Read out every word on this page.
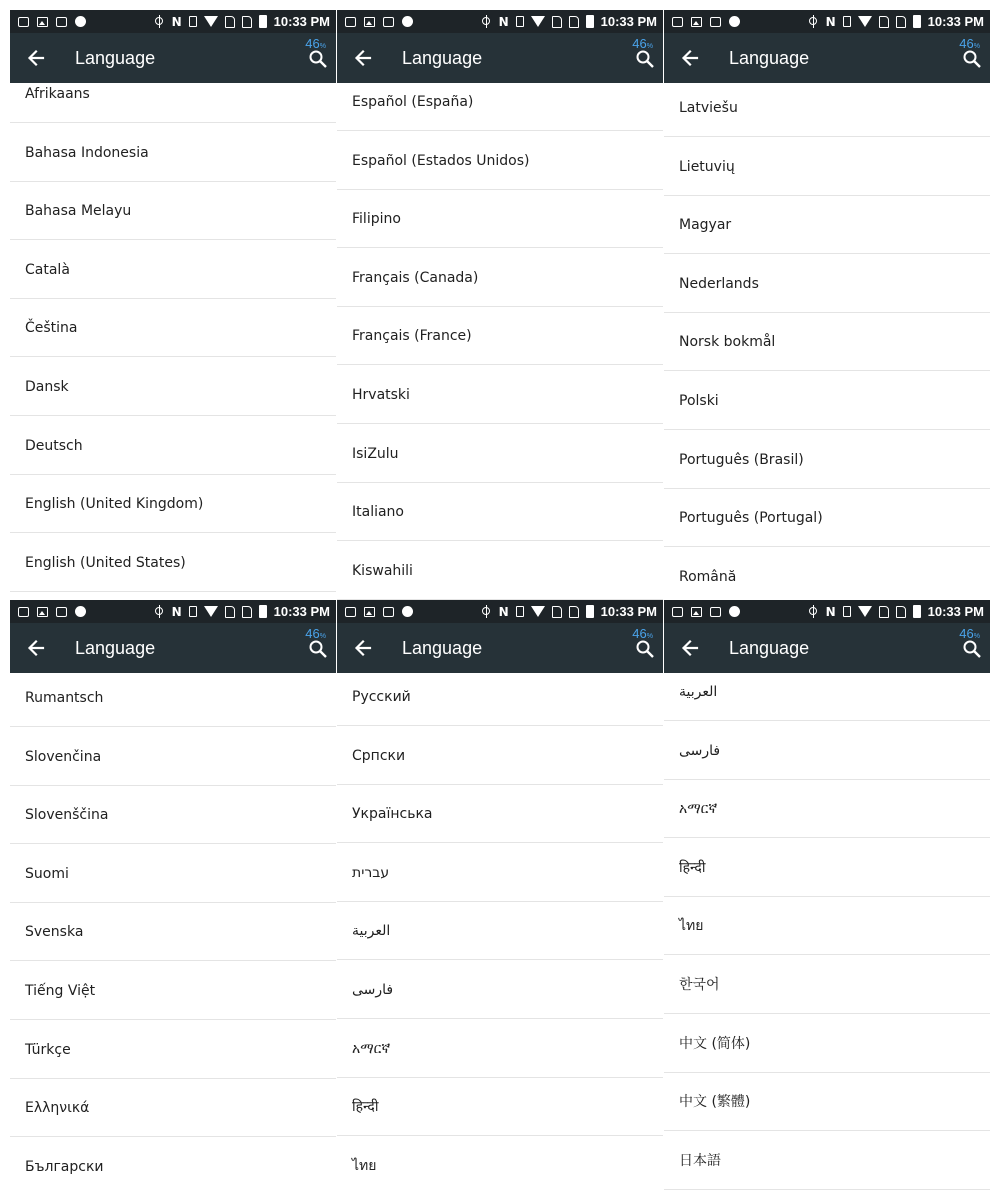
N	10:33 PM
Language
46%
Afrikaans
Bahasa Indonesia
Bahasa Melayu
Català
Čeština
Dansk
Deutsch
English (United Kingdom)
English (United States)
N	10:33 PM
Language
46%
Español (España)
Español (Estados Unidos)
Filipino
Français (Canada)
Français (France)
Hrvatski
IsiZulu
Italiano
Kiswahili
N	10:33 PM
Language
46%
Latviešu
Lietuvių
Magyar
Nederlands
Norsk bokmål
Polski
Português (Brasil)
Português (Portugal)
Română
N	10:33 PM
Language
46%
Rumantsch
Slovenčina
Slovenščina
Suomi
Svenska
Tiếng Việt
Türkçe
Ελληνικά
Български
N	10:33 PM
Language
46%
Русский
Српски
Українська
עברית
العربية
فارسی
አማርኛ
हिन्दी
ไทย
N	10:33 PM
Language
46%
العربية
فارسی
አማርኛ
हिन्दी
ไทย
한국어
中文 (简体)
中文 (繁體)
日本語
